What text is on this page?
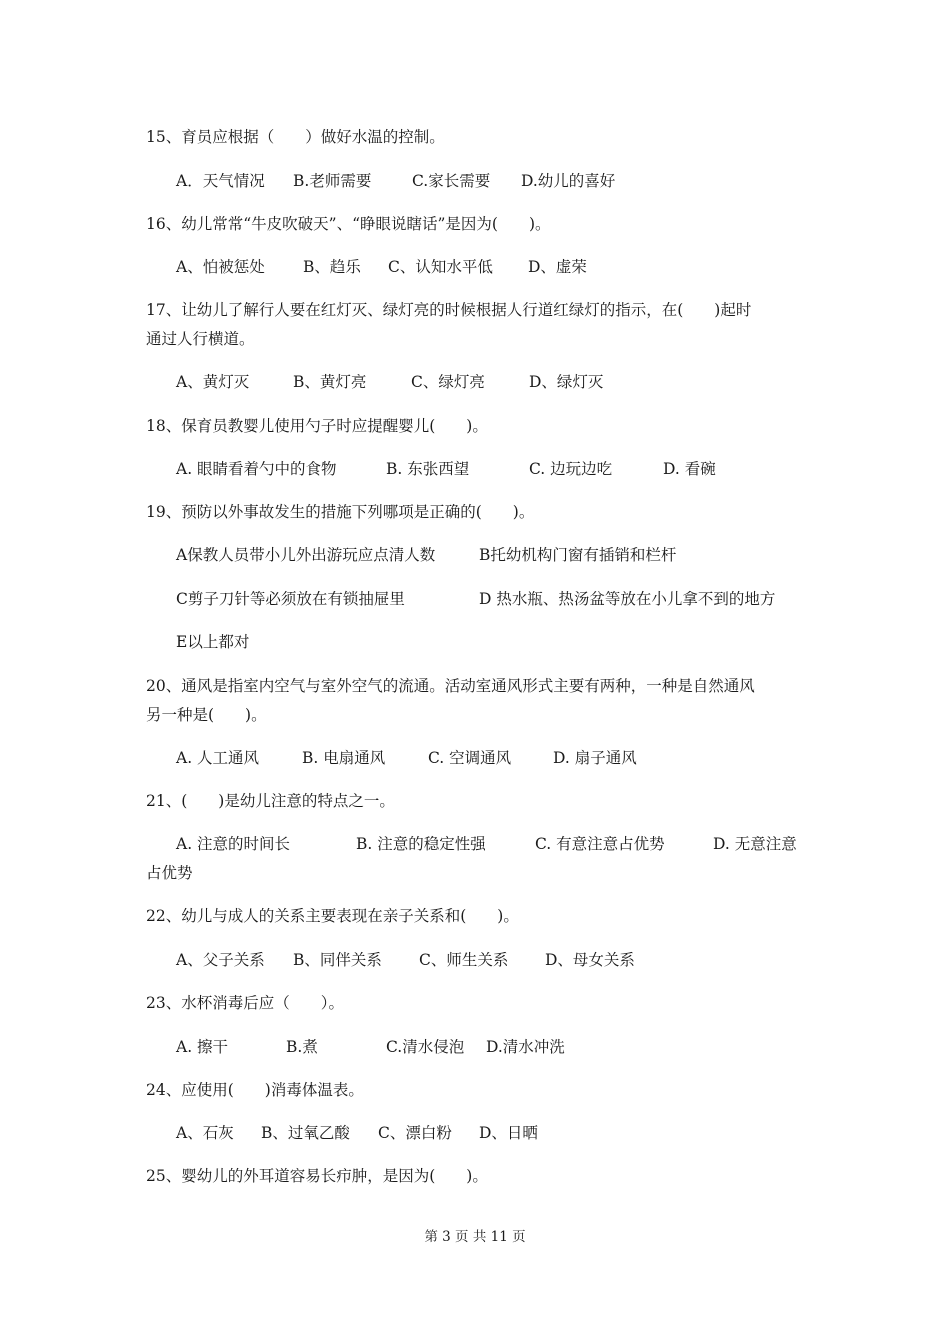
15、育员应根据（　　）做好水温的控制。
A．天气情况 B.老师需要	C.家长需要 D.幼儿的喜好
16、幼儿常常“牛皮吹破天”、“睁眼说瞎话”是因为(　　)。
A、怕被惩处 B、趋乐 C、认知水平低 D、虚荣
17、让幼儿了解行人要在红灯灭、绿灯亮的时候根据人行道红绿灯的指示，在(　　)起时
通过人行横道。
A、黄灯灭	B、黄灯亮	C、绿灯亮	D、绿灯灭
18、保育员教婴儿使用勺子时应提醒婴儿(　　)。
A. 眼睛看着勺中的食物	B. 东张西望	C. 边玩边吃	D. 看碗
19、预防以外事故发生的措施下列哪项是正确的(　　)。
A保教人员带小儿外出游玩应点清人数	B托幼机构门窗有插销和栏杆
C剪子刀针等必须放在有锁抽屉里	D 热水瓶、热汤盆等放在小儿拿不到的地方
E以上都对
20、通风是指室内空气与室外空气的流通。活动室通风形式主要有两种，一种是自然通风
另一种是(　　)。
A. 人工通风	B. 电扇通风	C. 空调通风	D. 扇子通风
21、(　　)是幼儿注意的特点之一。
A. 注意的时间长	B. 注意的稳定性强	C. 有意注意占优势	D. 无意注意
占优势
22、幼儿与成人的关系主要表现在亲子关系和(　　)。
A、父子关系 B、同伴关系 C、师生关系 D、母女关系
23、水杯消毒后应（　　）。
A. 擦干	B.煮	C.清水侵泡 D.清水冲洗
24、应使用(　　)消毒体温表。
A、石灰 B、过氧乙酸 C、漂白粉 D、日晒
25、婴幼儿的外耳道容易长疖肿，是因为(　　)。
第 3 页 共 11 页
